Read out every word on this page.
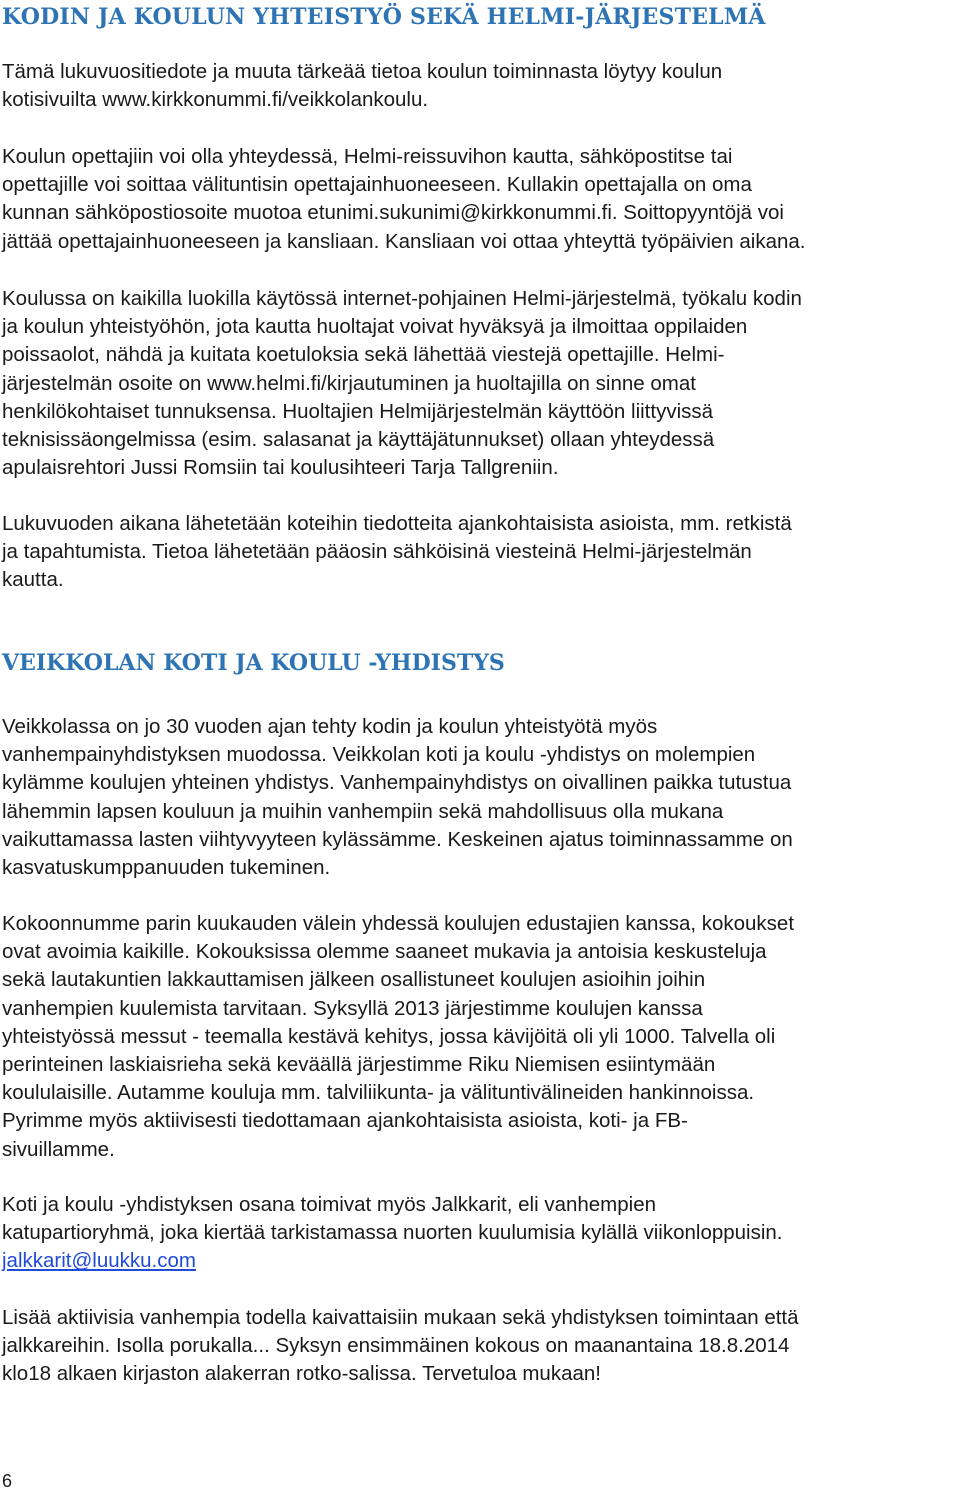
KODIN JA KOULUN YHTEISTYÖ SEKÄ HELMI-JÄRJESTELMÄ

Tämä lukuvuositiedote ja muuta tärkeää tietoa koulun toiminnasta löytyy koulun
kotisivuilta www.kirkkonummi.fi/veikkolankoulu.

Koulun opettajiin voi olla yhteydessä, Helmi-reissuvihon kautta, sähköpostitse tai
opettajille voi soittaa välituntisin opettajainhuoneeseen. Kullakin opettajalla on oma
kunnan sähköpostiosoite muotoa etunimi.sukunimi@kirkkonummi.fi. Soittopyyntöjä voi
jättää opettajainhuoneeseen ja kansliaan. Kansliaan voi ottaa yhteyttä työpäivien aikana.

Koulussa on kaikilla luokilla käytössä internet-pohjainen Helmi-järjestelmä, työkalu kodin
ja koulun yhteistyöhön, jota kautta huoltajat voivat hyväksyä ja ilmoittaa oppilaiden
poissaolot, nähdä ja kuitata koetuloksia sekä lähettää viestejä opettajille. Helmi-
järjestelmän osoite on www.helmi.fi/kirjautuminen ja huoltajilla on sinne omat
henkilökohtaiset tunnuksensa. Huoltajien Helmijärjestelmän käyttöön liittyvissä
teknisissäongelmissa (esim. salasanat ja käyttäjätunnukset) ollaan yhteydessä
apulaisrehtori Jussi Romsiin tai koulusihteeri Tarja Tallgreniin.

Lukuvuoden aikana lähetetään koteihin tiedotteita ajankohtaisista asioista, mm. retkistä
ja tapahtumista. Tietoa lähetetään pääosin sähköisinä viesteinä Helmi-järjestelmän
kautta.

VEIKKOLAN KOTI JA KOULU -YHDISTYS

Veikkolassa on jo 30 vuoden ajan tehty kodin ja koulun yhteistyötä myös
vanhempainyhdistyksen muodossa. Veikkolan koti ja koulu -yhdistys on molempien
kylämme koulujen yhteinen yhdistys. Vanhempainyhdistys on oivallinen paikka tutustua
lähemmin lapsen kouluun ja muihin vanhempiin sekä mahdollisuus olla mukana
vaikuttamassa lasten viihtyvyyteen kylässämme. Keskeinen ajatus toiminnassamme on
kasvatuskumppanuuden tukeminen.

Kokoonnumme parin kuukauden välein yhdessä koulujen edustajien kanssa, kokoukset
ovat avoimia kaikille. Kokouksissa olemme saaneet mukavia ja antoisia keskusteluja
sekä lautakuntien lakkauttamisen jälkeen osallistuneet koulujen asioihin joihin
vanhempien kuulemista tarvitaan. Syksyllä 2013 järjestimme koulujen kanssa
yhteistyössä messut - teemalla kestävä kehitys, jossa kävijöitä oli yli 1000. Talvella oli
perinteinen laskiaisrieha sekä keväällä järjestimme Riku Niemisen esiintymään
koululaisille. Autamme kouluja mm. talviliikunta- ja välituntivälineiden hankinnoissa.
Pyrimme myös aktiivisesti tiedottamaan ajankohtaisista asioista, koti- ja FB-
sivuillamme.

Koti ja koulu -yhdistyksen osana toimivat myös Jalkkarit, eli vanhempien
katupartioryhmä, joka kiertää tarkistamassa nuorten kuulumisia kylällä viikonloppuisin.
jalkkarit@luukku.com

Lisää aktiivisia vanhempia todella kaivattaisiin mukaan sekä yhdistyksen toimintaan että
jalkkareihin. Isolla porukalla... Syksyn ensimmäinen kokous on maanantaina 18.8.2014
klo18 alkaen kirjaston alakerran rotko-salissa. Tervetuloa mukaan!

6
